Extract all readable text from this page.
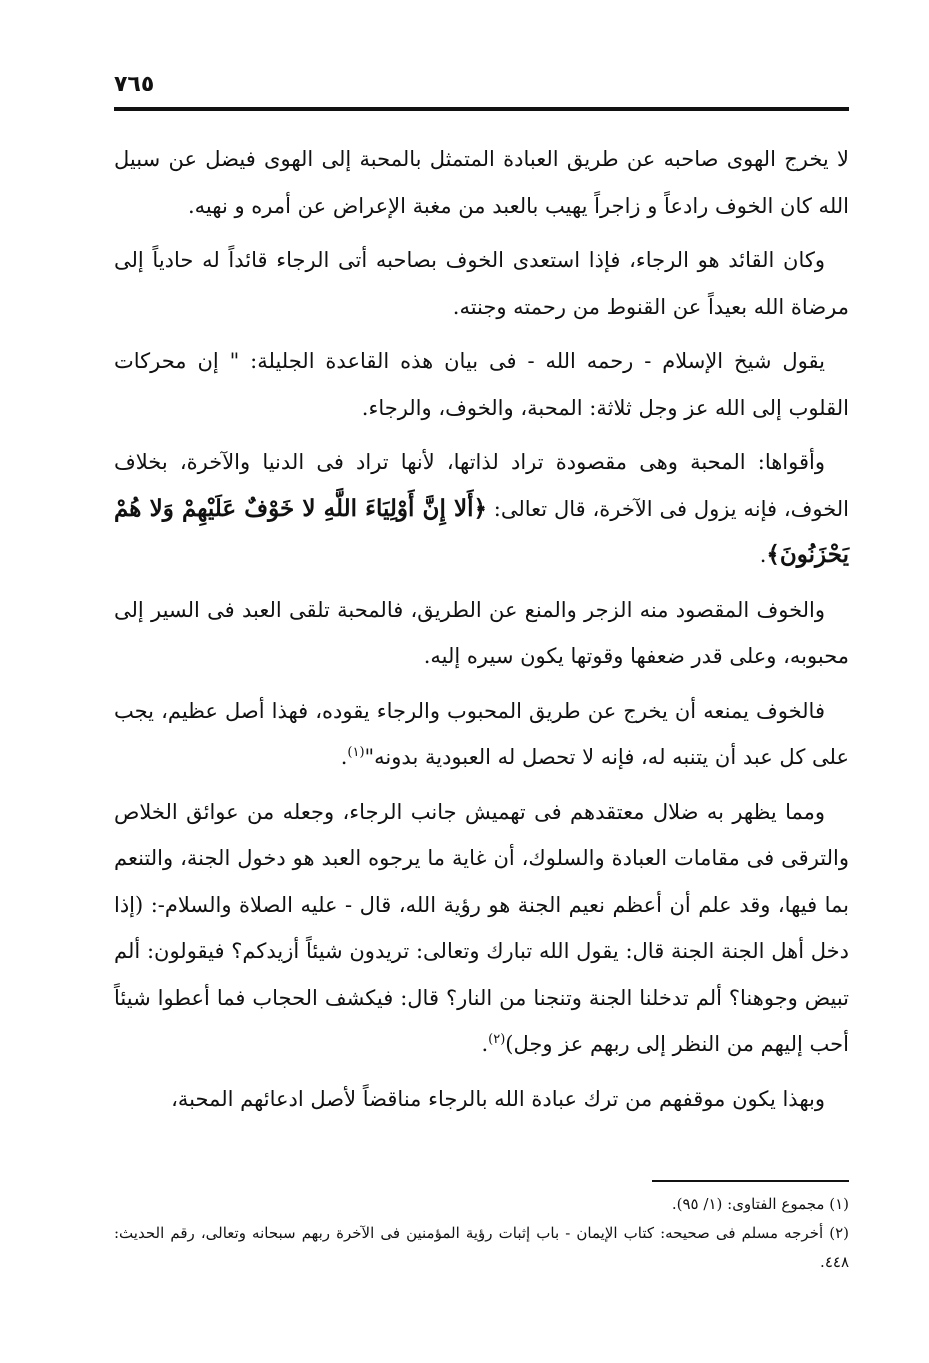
٧٦٥

لا يخرج الهوى صاحبه عن طريق العبادة المتمثل بالمحبة إلى الهوى فيضل عن سبيل الله كان الخوف رادعاً و زاجراً يهيب بالعبد من مغبة الإعراض عن أمره و نهيه.

وكان القائد هو الرجاء، فإذا استعدى الخوف بصاحبه أتى الرجاء قائداً له حادياً إلى مرضاة الله بعيداً عن القنوط من رحمته وجنته.

يقول شيخ الإسلام - رحمه الله - فى بيان هذه القاعدة الجليلة: " إن محركات القلوب إلى الله عز وجل ثلاثة: المحبة، والخوف، والرجاء.

وأقواها: المحبة وهى مقصودة تراد لذاتها، لأنها تراد فى الدنيا والآخرة، بخلاف الخوف، فإنه يزول فى الآخرة، قال تعالى: ﴿أَلا إِنَّ أَوْلِيَاءَ اللَّهِ لا خَوْفٌ عَلَيْهِمْ وَلا هُمْ يَحْزَنُونَ﴾.

والخوف المقصود منه الزجر والمنع عن الطريق، فالمحبة تلقى العبد فى السير إلى محبوبه، وعلى قدر ضعفها وقوتها يكون سيره إليه.

فالخوف يمنعه أن يخرج عن طريق المحبوب والرجاء يقوده، فهذا أصل عظيم، يجب على كل عبد أن يتنبه له، فإنه لا تحصل له العبودية بدونه"$^{(١)}$.

ومما يظهر به ضلال معتقدهم فى تهميش جانب الرجاء، وجعله من عوائق الخلاص والترقى فى مقامات العبادة والسلوك، أن غاية ما يرجوه العبد هو دخول الجنة، والتنعم بما فيها، وقد علم أن أعظم نعيم الجنة هو رؤية الله، قال - عليه الصلاة والسلام-: (إذا دخل أهل الجنة الجنة قال: يقول الله تبارك وتعالى: تريدون شيئاً أزيدكم؟ فيقولون: ألم تبيض وجوهنا؟ ألم تدخلنا الجنة وتنجنا من النار؟ قال: فيكشف الحجاب فما أعطوا شيئاً أحب إليهم من النظر إلى ربهم عز وجل)$^{(٢)}$.

وبهذا يكون موقفهم من ترك عبادة الله بالرجاء مناقضاً لأصل ادعائهم المحبة،

(١) مجموع الفتاوى: (١/ ٩٥).

(٢) أخرجه مسلم فى صحيحه: كتاب الإيمان - باب إثبات رؤية المؤمنين فى الآخرة ربهم سبحانه وتعالى، رقم الحديث: ٤٤٨.
